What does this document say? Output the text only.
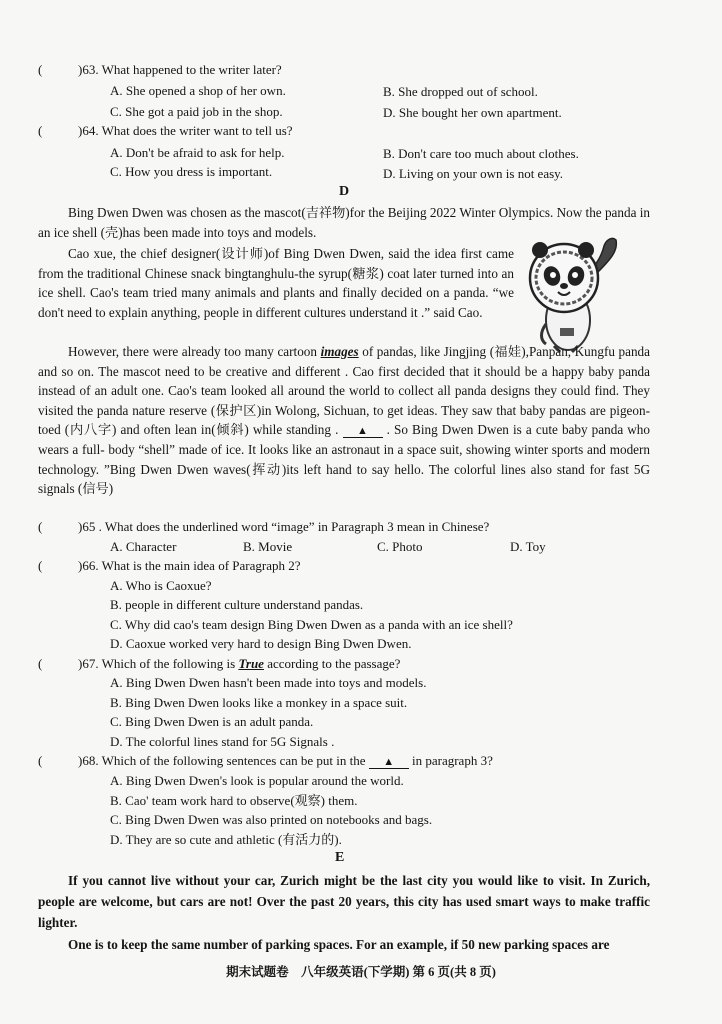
(	)63. What happened to the writer later?
A. She opened a shop of her own.	B. She dropped out of school.
C. She got a paid job in the shop.	D. She bought her own apartment.
(	)64. What does the writer want to tell us?
A. Don't be afraid to ask for help.	B. Don't care too much about clothes.
C. How you dress is important.	D. Living on your own is not easy.
D
Bing Dwen Dwen was chosen as the mascot(吉祥物)for the Beijing 2022 Winter Olympics. Now the panda in an ice shell (壳)has been made into toys and models.
Cao xue, the chief designer(设计师)of Bing Dwen Dwen, said the idea first came from the traditional Chinese snack bingtanghulu-the syrup(糖浆) coat later turned into an ice shell. Cao's team tried many animals and plants and finally decided on a panda. “we don't need to explain anything, people in different cultures understand it .” said Cao.
However, there were already too many cartoon images of pandas, like Jingjing (福娃),Panpan, Kungfu panda and so on. The mascot need to be creative and different . Cao first decided that it should be a happy baby panda instead of an adult one. Cao's team looked all around the world to collect all panda designs they could find. They visited the panda nature reserve (保护区)in Wolong, Sichuan, to get ideas. They saw that baby pandas are pigeon-toed (内八字) and often lean in(倾斜) while standing . ▲ . So Bing Dwen Dwen is a cute baby panda who wears a full- body “shell” made of ice. It looks like an astronaut in a space suit, showing winter sports and modern technology. ”Bing Dwen Dwen waves(挥动)its left hand to say hello. The colorful lines also stand for fast 5G signals (信号)
(	)65 . What does the underlined word “image” in Paragraph 3 mean in Chinese?
A. Character	B. Movie	C. Photo	D. Toy
(	)66. What is the main idea of Paragraph 2?
A. Who is Caoxue?
B. people in different culture understand pandas.
C. Why did cao's team design Bing Dwen Dwen as a panda with an ice shell?
D. Caoxue worked very hard to design Bing Dwen Dwen.
(	)67. Which of the following is True according to the passage?
A. Bing Dwen Dwen hasn't been made into toys and models.
B. Bing Dwen Dwen looks like a monkey in a space suit.
C. Bing Dwen Dwen is an adult panda.
D. The colorful lines stand for 5G Signals .
(	)68. Which of the following sentences can be put in the ▲ in paragraph 3?
A. Bing Dwen Dwen's look is popular around the world.
B. Cao' team work hard to observe(观察) them.
C. Bing Dwen Dwen was also printed on notebooks and bags.
D. They are so cute and athletic (有活力的).
E
If you cannot live without your car, Zurich might be the last city you would like to visit. In Zurich, people are welcome, but cars are not! Over the past 20 years, this city has used smart ways to make traffic lighter.
One is to keep the same number of parking spaces. For an example, if 50 new parking spaces are
期末试题卷　八年级英语(下学期) 第 6 页(共 8 页)
